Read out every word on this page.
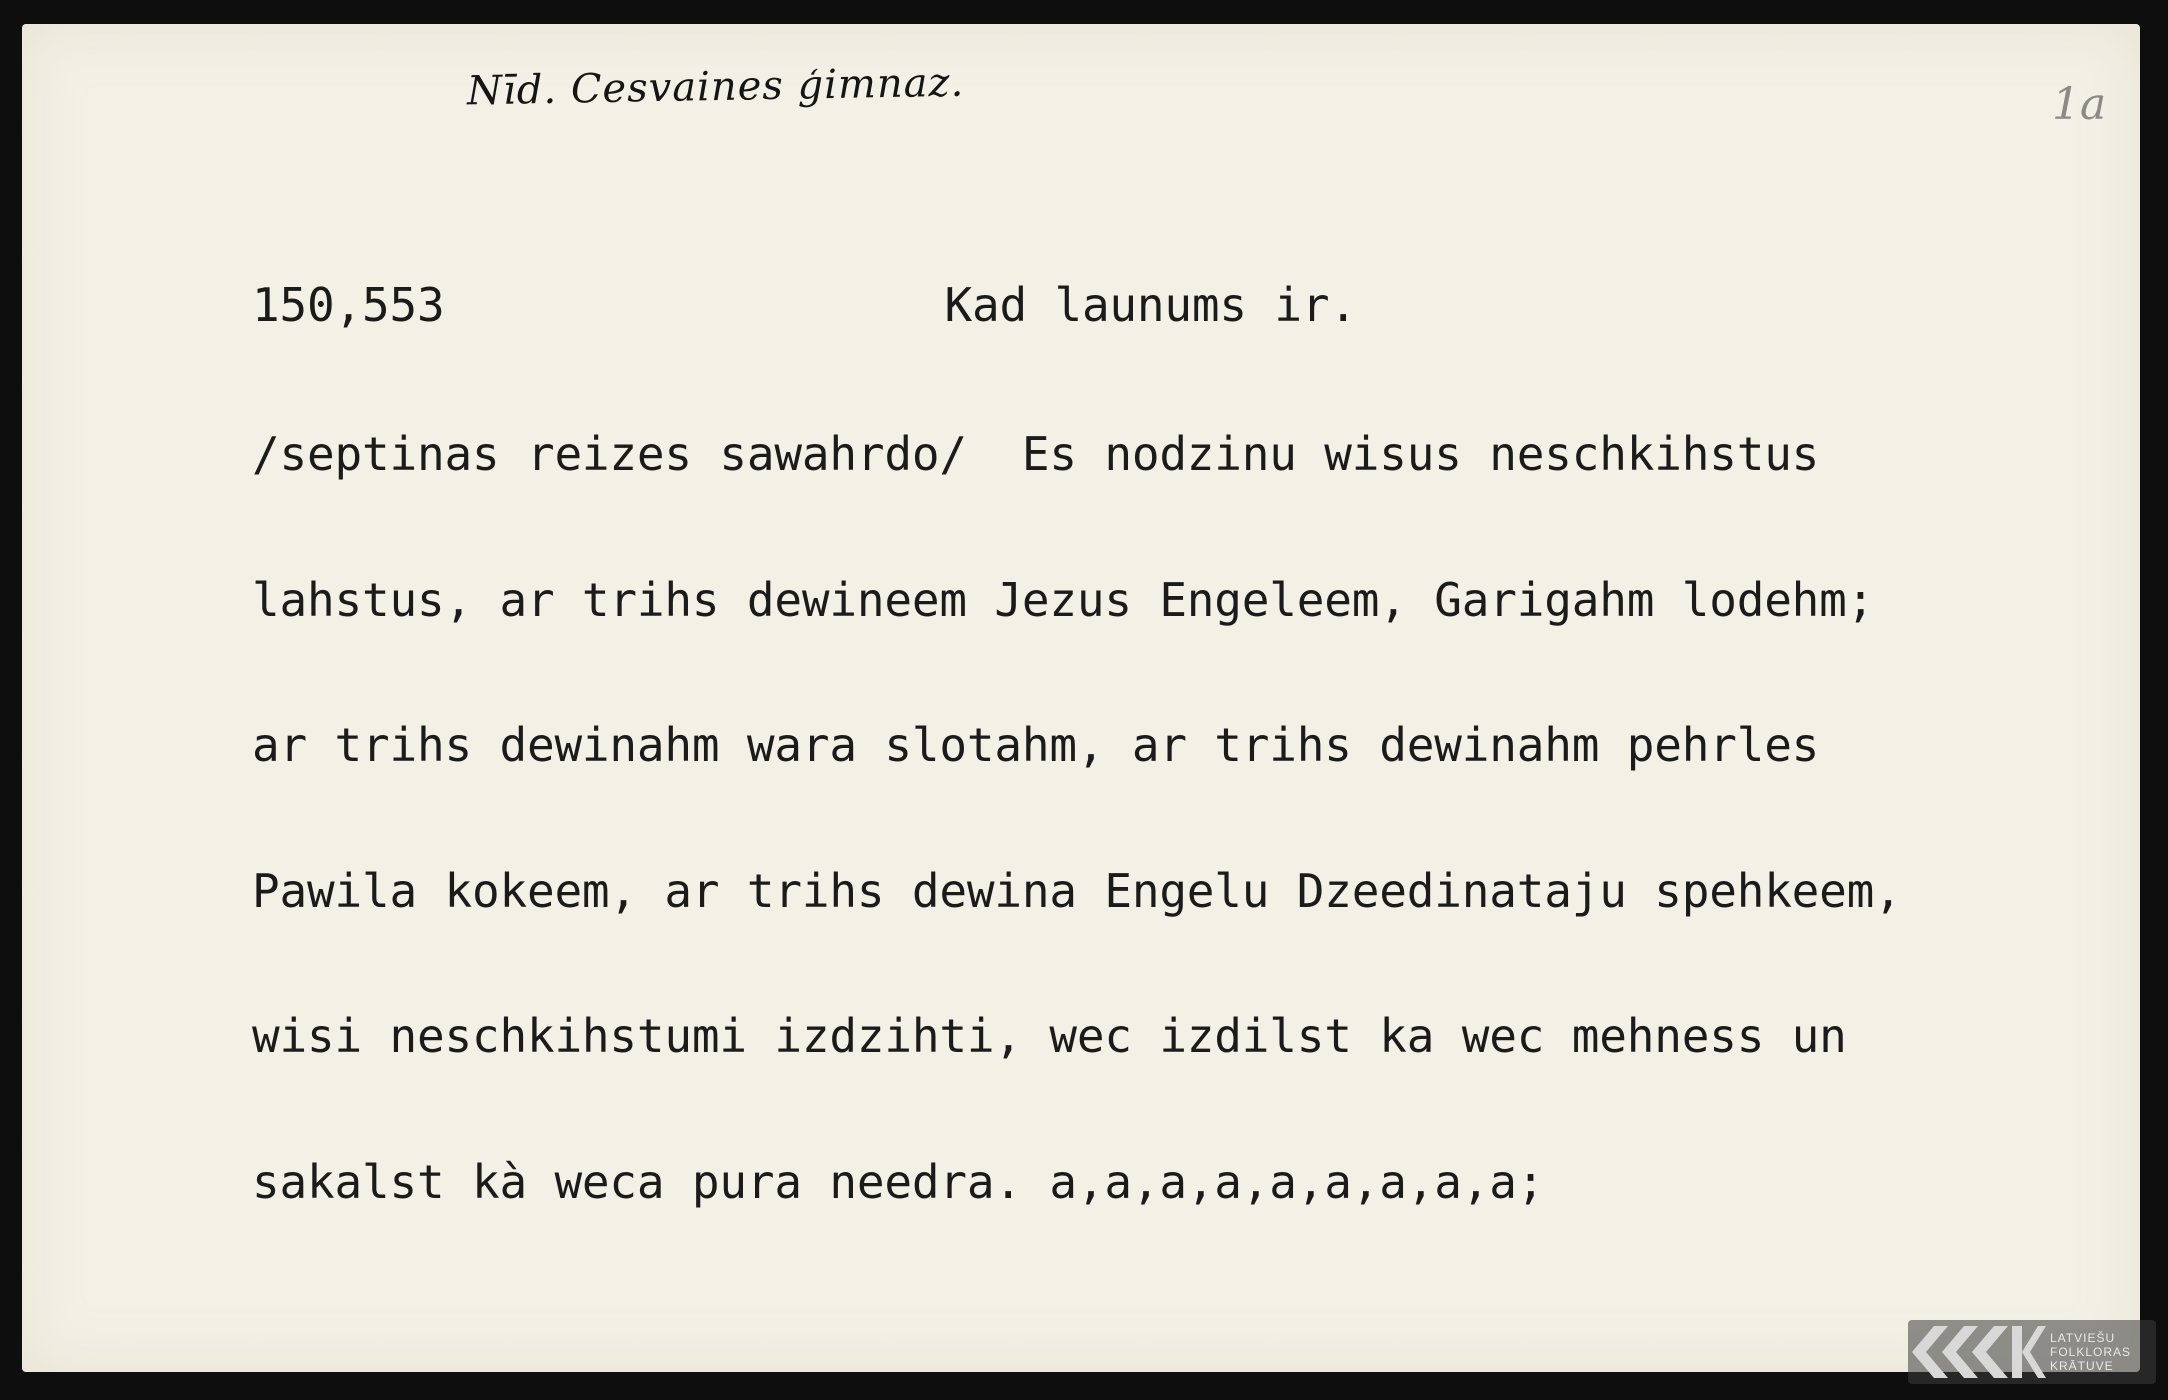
Nīd. Cesvaines ģimnaz.	1a

150,553	Kad launums ir.

/septinas reizes sawahrdo/  Es nodzinu wisus neschkihstus

lahstus, ar trihs dewineem Jezus Engeleem, Garigahm lodehm;

ar trihs dewinahm wara slotahm, ar trihs dewinahm pehrles

Pawila kokeem, ar trihs dewina Engelu Dzeedinataju spehkeem,

wisi neschkihstumi izdzihti, wec izdilst ka wec mehness un

sakalst kà weca pura needra. a,a,a,a,a,a,a,a,a;

LATVIEŠU
FOLKLORAS
KRĀTUVE
